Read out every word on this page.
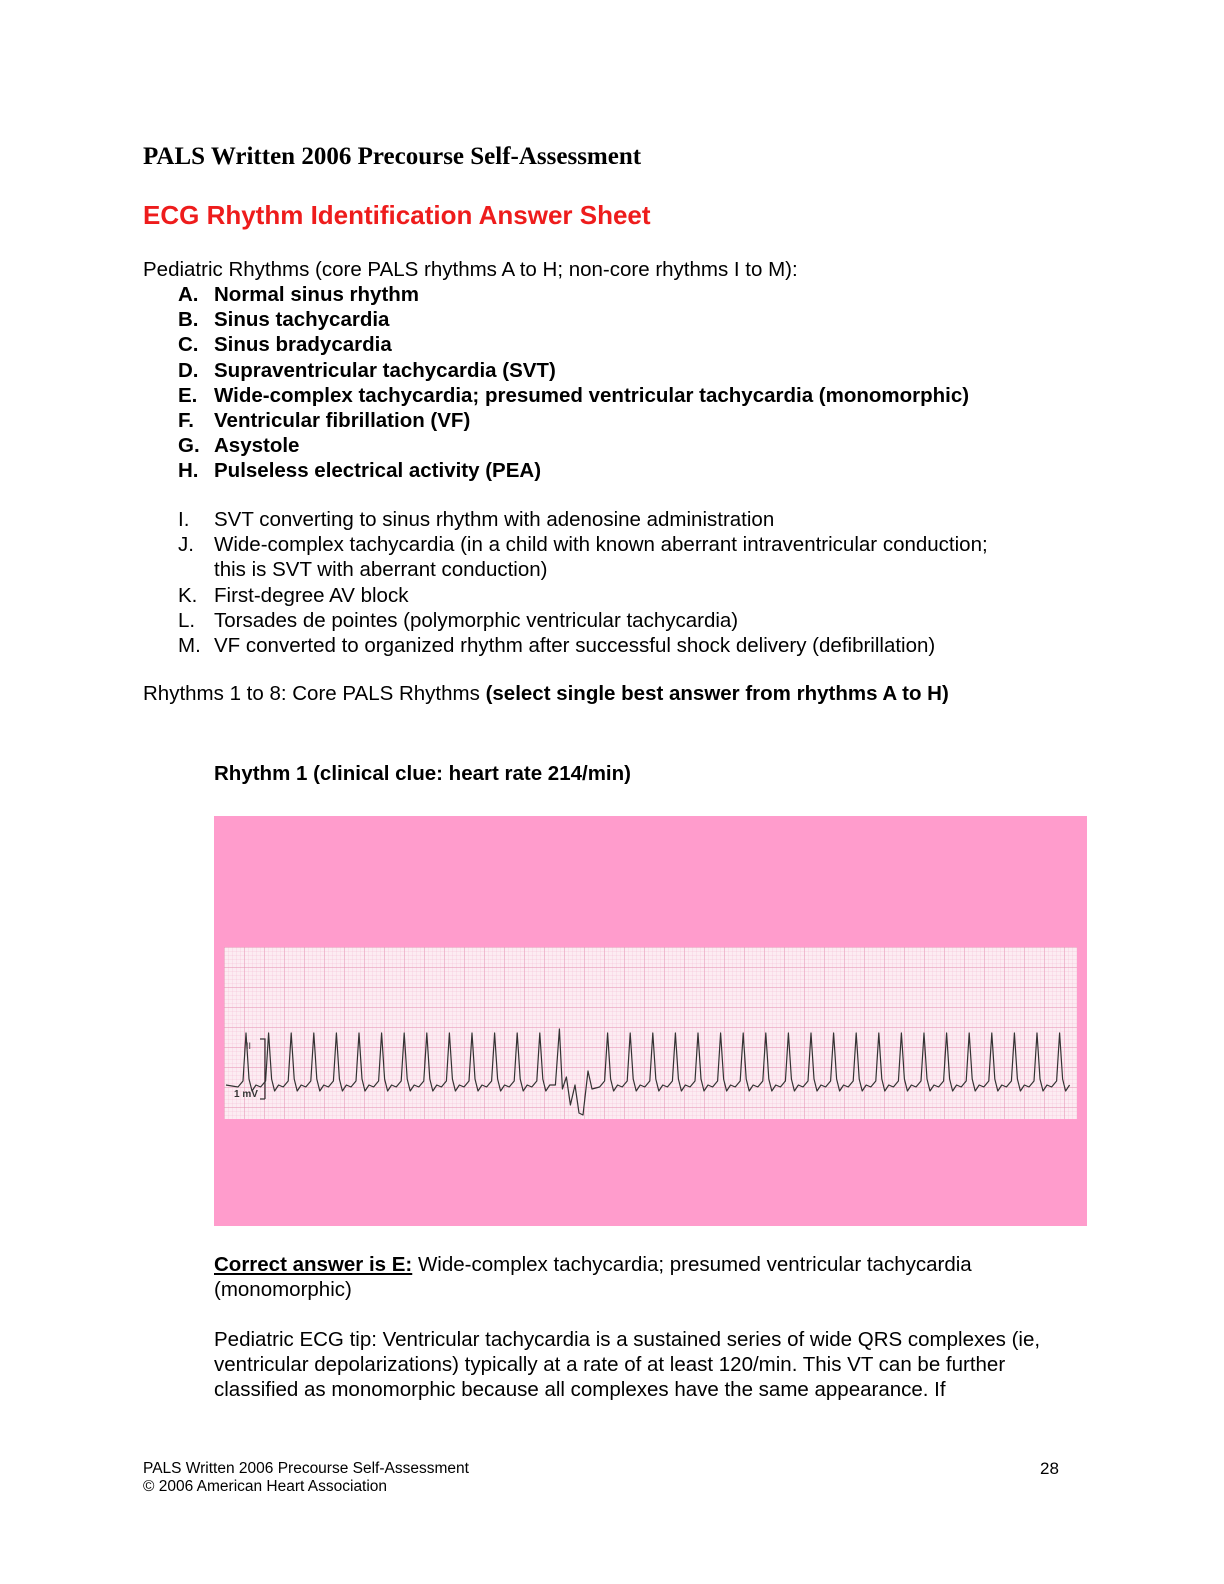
PALS Written 2006 Precourse Self-Assessment
ECG Rhythm Identification Answer Sheet
Pediatric Rhythms (core PALS rhythms A to H; non-core rhythms I to M):
A. Normal sinus rhythm
B. Sinus tachycardia
C. Sinus bradycardia
D. Supraventricular tachycardia (SVT)
E. Wide-complex tachycardia; presumed ventricular tachycardia (monomorphic)
F. Ventricular fibrillation (VF)
G. Asystole
H. Pulseless electrical activity (PEA)
I.	SVT converting to sinus rhythm with adenosine administration
J. Wide-complex tachycardia (in a child with known aberrant intraventricular conduction;
this is SVT with aberrant conduction)
K. First-degree AV block
L. Torsades de pointes (polymorphic ventricular tachycardia)
M. VF converted to organized rhythm after successful shock delivery (defibrillation)
Rhythms 1 to 8: Core PALS Rhythms (select single best answer from rhythms A to H)
Rhythm 1 (clinical clue: heart rate 214/min)
II
1 mV
Correct answer is E: Wide-complex tachycardia; presumed ventricular tachycardia (monomorphic)
Pediatric ECG tip: Ventricular tachycardia is a sustained series of wide QRS complexes (ie, ventricular depolarizations) typically at a rate of at least 120/min. This VT can be further classified as monomorphic because all complexes have the same appearance. If
PALS Written 2006 Precourse Self-Assessment
© 2006 American Heart Association
28
